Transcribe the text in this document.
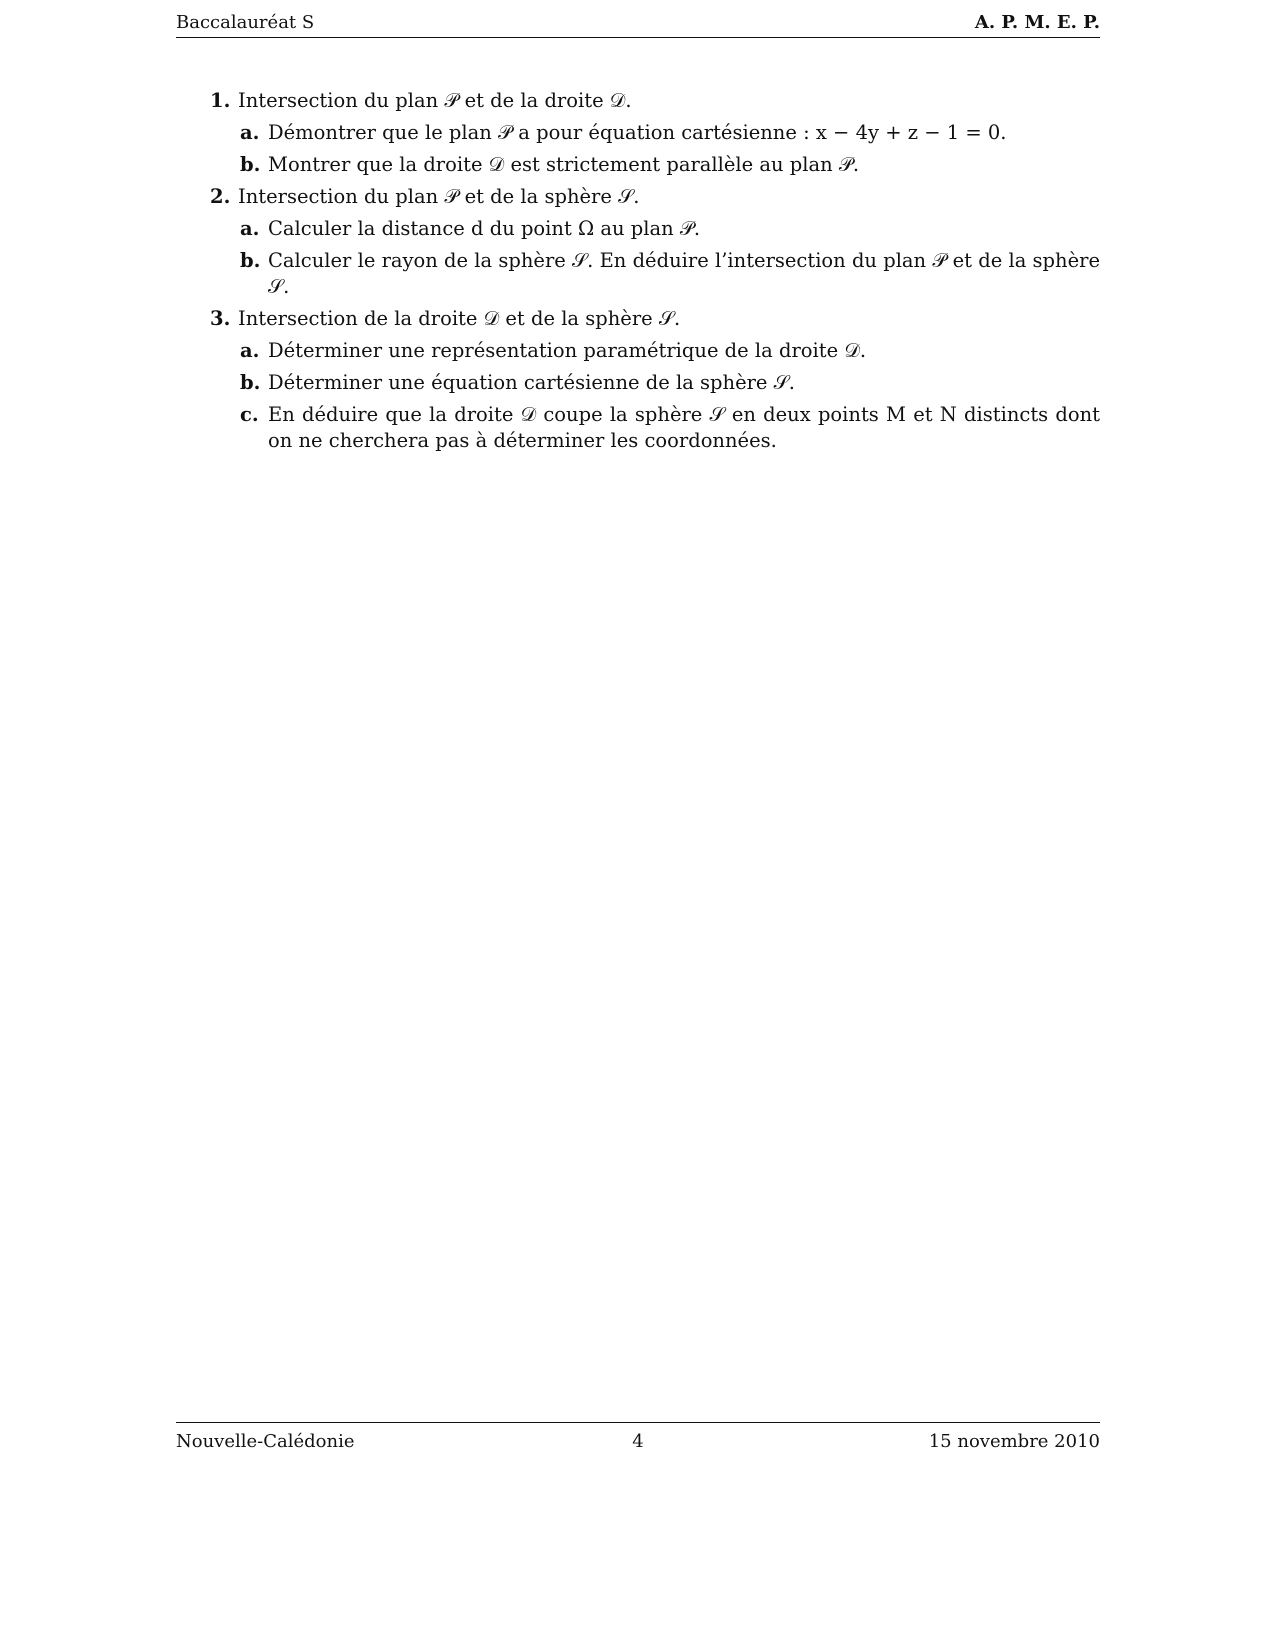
Baccalauréat S	A. P. M. E. P.
1. Intersection du plan 𝒫 et de la droite 𝒟.
a. Démontrer que le plan 𝒫 a pour équation cartésienne : x − 4y + z − 1 = 0.
b. Montrer que la droite 𝒟 est strictement parallèle au plan 𝒫.
2. Intersection du plan 𝒫 et de la sphère 𝒮.
a. Calculer la distance d du point Ω au plan 𝒫.
b. Calculer le rayon de la sphère 𝒮. En déduire l’intersection du plan 𝒫 et de la sphère 𝒮.
3. Intersection de la droite 𝒟 et de la sphère 𝒮.
a. Déterminer une représentation paramétrique de la droite 𝒟.
b. Déterminer une équation cartésienne de la sphère 𝒮.
c. En déduire que la droite 𝒟 coupe la sphère 𝒮 en deux points M et N distincts dont on ne cherchera pas à déterminer les coordonnées.
Nouvelle-Calédonie	4	15 novembre 2010
